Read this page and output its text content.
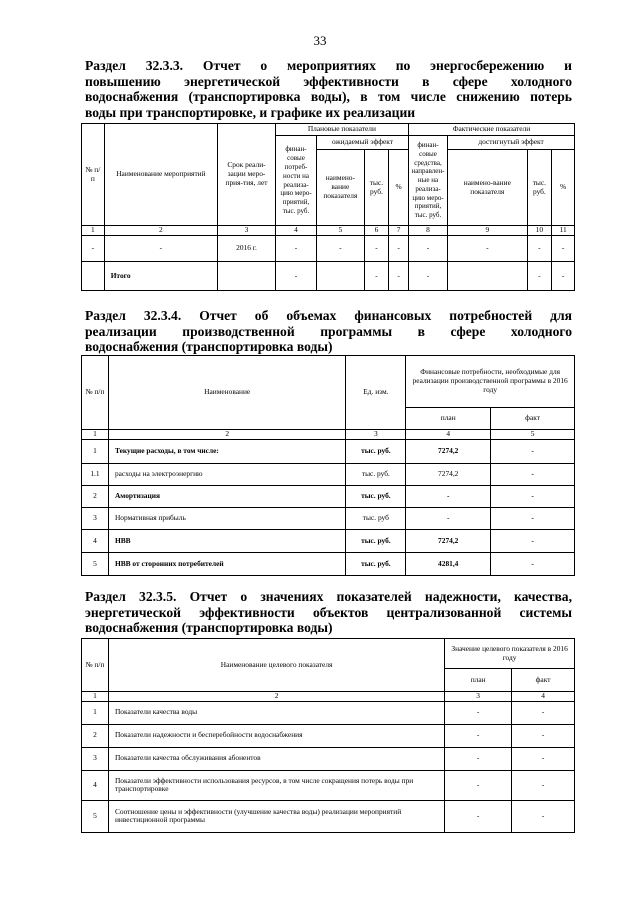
33
Раздел 32.3.3. Отчет о мероприятиях по энергосбережению и
повышению энергетической эффективности в сфере холодного
водоснабжения (транспортировка воды), в том числе снижению потерь
воды при транспортировке, и графике их реализации
№ п/п	Наименование мероприятий	Срок реали-зации меро-прия-тия, лет	Плановые показатели				Фактические показатели			
			финан-совые потреб-ности на реализа-цию меро-приятий, тыс. руб.	ожидаемый эффект			финан-совые средства, направлен-ные на реализа-цию меро-приятий, тыс. руб.	достигнутый эффект		
				наимено-вание показателя	тыс. руб.	%		наимено-вание показателя	тыс. руб.	%
1	2	3	4	5	6	7	8	9	10	11
-	-	2016 г.	-	-	-	-	-	-	-	-
	Итого		-		-	-	-		-	-
Раздел 32.3.4. Отчет об объемах финансовых потребностей для
реализации производственной программы в сфере холодного
водоснабжения (транспортировка воды)
№ п/п	Наименование	Ед. изм.	Финансовые потребности, необходимые для реализации производственной программы в 2016 году	
			план	факт
1	2	3	4	5
1	Текущие расходы, в том числе:	тыс. руб.	7274,2	-
1.1	расходы на электроэнергию	тыс. руб.	7274,2	-
2	Амортизация	тыс. руб.	-	-
3	Нормативная прибыль	тыс. руб	-	-
4	НВВ	тыс. руб.	7274,2	-
5	НВВ от сторонних потребителей	тыс. руб.	4281,4	-
Раздел 32.3.5. Отчет о значениях показателей надежности, качества,
энергетической эффективности объектов централизованной системы
водоснабжения (транспортировка воды)
№ п/п	Наименование целевого показателя	Значение целевого показателя в 2016 году	
		план	факт
1	2	3	4
1	Показатели качества воды	-	-
2	Показатели надежности и бесперебойности водоснабжения	-	-
3	Показатели качества обслуживания абонентов	-	-
4	Показатели эффективности использования ресурсов, в том числе сокращения потерь воды при транспортировке	-	-
5	Соотношение цены и эффективности (улучшение качества воды) реализации мероприятий инвестиционной программы	-	-
